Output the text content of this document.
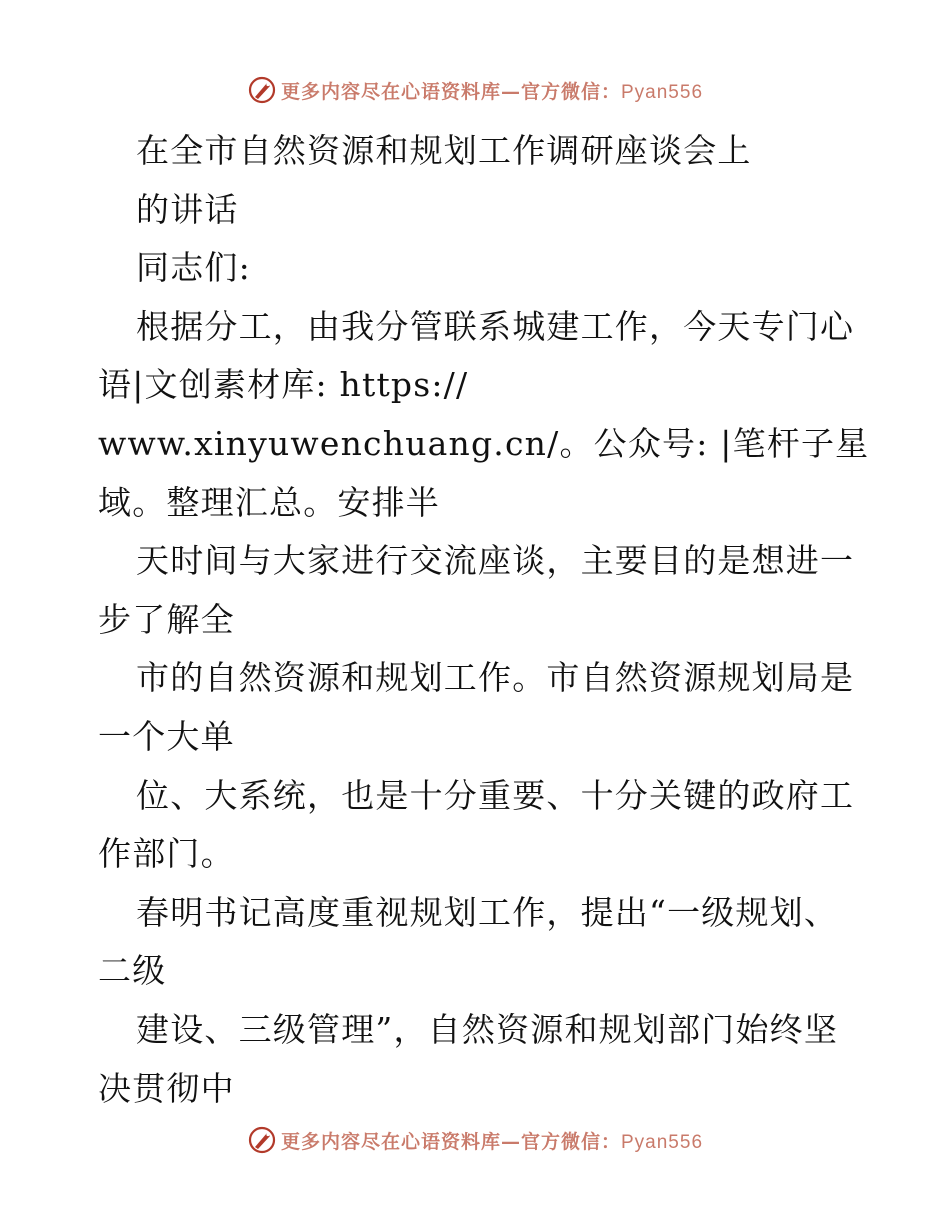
更多内容尽在心语资料库—官方微信：Pyan556
在全市自然资源和规划工作调研座谈会上
的讲话
同志们:
根据分工，由我分管联系城建工作，今天专门心
语|文创素材库: https://
www.xinyuwenchuang.cn/。公众号: |笔杆子星
域。整理汇总。安排半
天时间与大家进行交流座谈，主要目的是想进一
步了解全
市的自然资源和规划工作。市自然资源规划局是
一个大单
位、大系统，也是十分重要、十分关键的政府工
作部门。
春明书记高度重视规划工作，提出“一级规划、
二级
建设、三级管理”，自然资源和规划部门始终坚
决贯彻中
更多内容尽在心语资料库—官方微信：Pyan556
